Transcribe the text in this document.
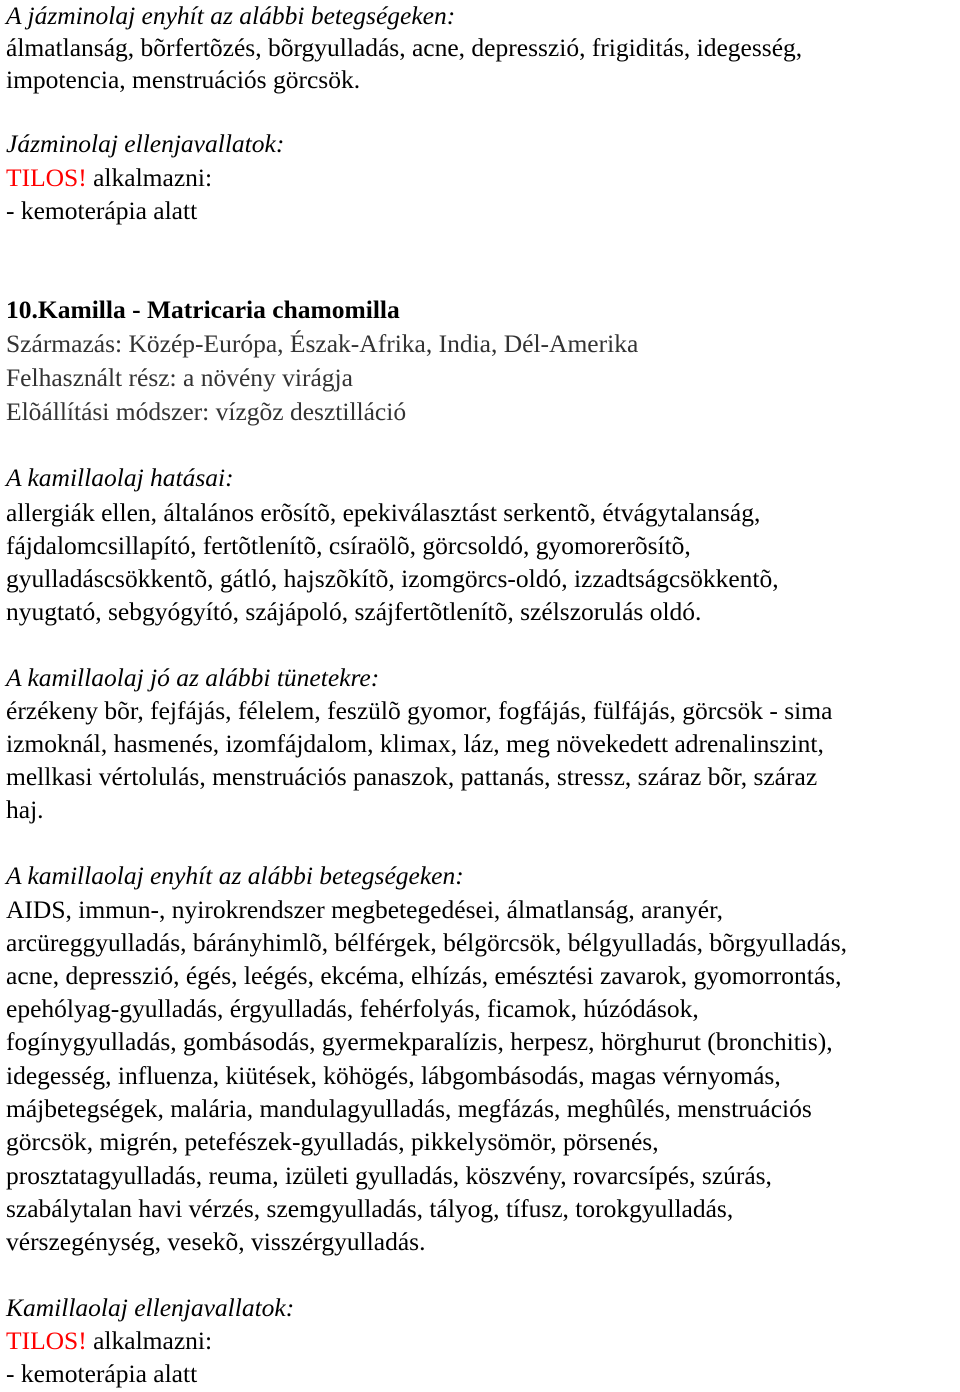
A jázminolaj enyhít az alábbi betegségeken:
álmatlanság, bõrfertõzés, bõrgyulladás, acne, depresszió, frigiditás, idegesség,
impotencia, menstruációs görcsök.
Jázminolaj ellenjavallatok:
TILOS! alkalmazni:
- kemoterápia alatt
10.Kamilla - Matricaria chamomilla
Származás: Közép-Európa, Észak-Afrika, India, Dél-Amerika
Felhasznált rész: a növény virágja
Elõállítási módszer: vízgõz desztilláció
A kamillaolaj hatásai:
allergiák ellen, általános erõsítõ, epekiválasztást serkentõ, étvágytalanság,
fájdalomcsillapító, fertõtlenítõ, csíraölõ, görcsoldó, gyomorerõsítõ,
gyulladáscsökkentõ, gátló, hajszõkítõ, izomgörcs-oldó, izzadtságcsökkentõ,
nyugtató, sebgyógyító, szájápoló, szájfertõtlenítõ, szélszorulás oldó.
A kamillaolaj jó az alábbi tünetekre:
érzékeny bõr, fejfájás, félelem, feszülõ gyomor, fogfájás, fülfájás, görcsök - sima
izmoknál, hasmenés, izomfájdalom, klimax, láz, meg növekedett adrenalinszint,
mellkasi vértolulás, menstruációs panaszok, pattanás, stressz, száraz bõr, száraz
haj.
A kamillaolaj enyhít az alábbi betegségeken:
AIDS, immun-, nyirokrendszer megbetegedései, álmatlanság, aranyér,
arcüreggyulladás, bárányhimlõ, bélférgek, bélgörcsök, bélgyulladás, bõrgyulladás,
acne, depresszió, égés, leégés, ekcéma, elhízás, emésztési zavarok, gyomorrontás,
epehólyag-gyulladás, érgyulladás, fehérfolyás, ficamok, húzódások,
fogínygyulladás, gombásodás, gyermekparalízis, herpesz, hörghurut (bronchitis),
idegesség, influenza, kiütések, köhögés, lábgombásodás, magas vérnyomás,
májbetegségek, malária, mandulagyulladás, megfázás, meghûlés, menstruációs
görcsök, migrén, petefészek-gyulladás, pikkelysömör, pörsenés,
prosztatagyulladás, reuma, izületi gyulladás, köszvény, rovarcsípés, szúrás,
szabálytalan havi vérzés, szemgyulladás, tályog, tífusz, torokgyulladás,
vérszegénység, vesekõ, visszérgyulladás.
Kamillaolaj ellenjavallatok:
TILOS! alkalmazni:
- kemoterápia alatt
